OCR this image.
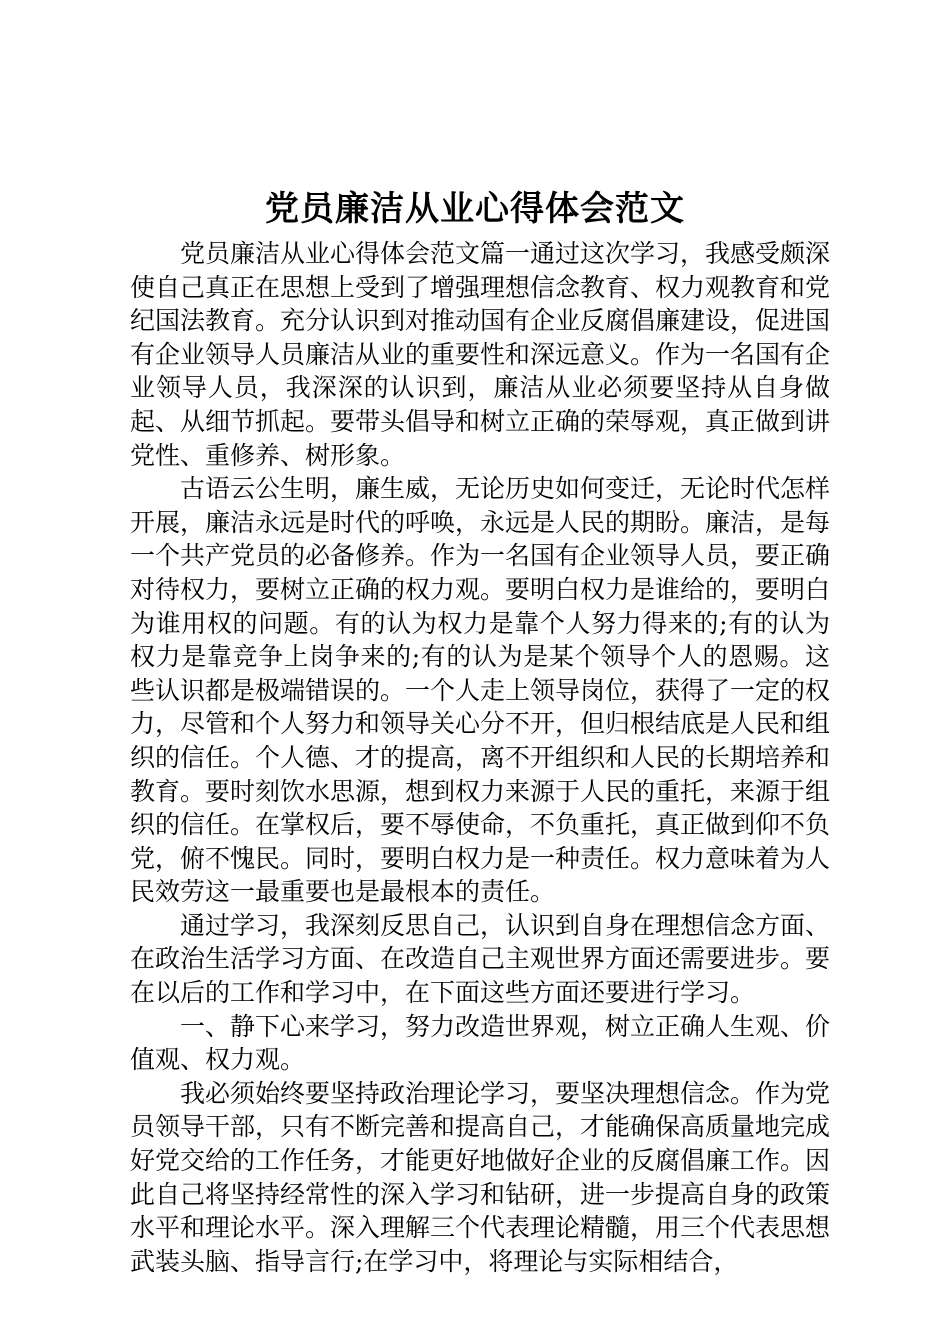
党员廉洁从业心得体会范文

党员廉洁从业心得体会范文篇一通过这次学习，我感受颇深使自己真正在思想上受到了增强理想信念教育、权力观教育和党纪国法教育。充分认识到对推动国有企业反腐倡廉建设，促进国有企业领导人员廉洁从业的重要性和深远意义。作为一名国有企业领导人员，我深深的认识到，廉洁从业必须要坚持从自身做起、从细节抓起。要带头倡导和树立正确的荣辱观，真正做到讲党性、重修养、树形象。

古语云公生明，廉生威，无论历史如何变迁，无论时代怎样开展，廉洁永远是时代的呼唤，永远是人民的期盼。廉洁，是每一个共产党员的必备修养。作为一名国有企业领导人员，要正确对待权力，要树立正确的权力观。要明白权力是谁给的，要明白为谁用权的问题。有的认为权力是靠个人努力得来的;有的认为权力是靠竞争上岗争来的;有的认为是某个领导个人的恩赐。这些认识都是极端错误的。一个人走上领导岗位，获得了一定的权力，尽管和个人努力和领导关心分不开，但归根结底是人民和组织的信任。个人德、才的提高，离不开组织和人民的长期培养和教育。要时刻饮水思源，想到权力来源于人民的重托，来源于组织的信任。在掌权后，要不辱使命，不负重托，真正做到仰不负党，俯不愧民。同时，要明白权力是一种责任。权力意味着为人民效劳这一最重要也是最根本的责任。

通过学习，我深刻反思自己，认识到自身在理想信念方面、在政治生活学习方面、在改造自己主观世界方面还需要进步。要在以后的工作和学习中，在下面这些方面还要进行学习。

一、静下心来学习，努力改造世界观，树立正确人生观、价值观、权力观。

我必须始终要坚持政治理论学习，要坚决理想信念。作为党员领导干部，只有不断完善和提高自己，才能确保高质量地完成好党交给的工作任务，才能更好地做好企业的反腐倡廉工作。因此自己将坚持经常性的深入学习和钻研，进一步提高自身的政策水平和理论水平。深入理解三个代表理论精髓，用三个代表思想武装头脑、指导言行;在学习中，将理论与实际相结合，
